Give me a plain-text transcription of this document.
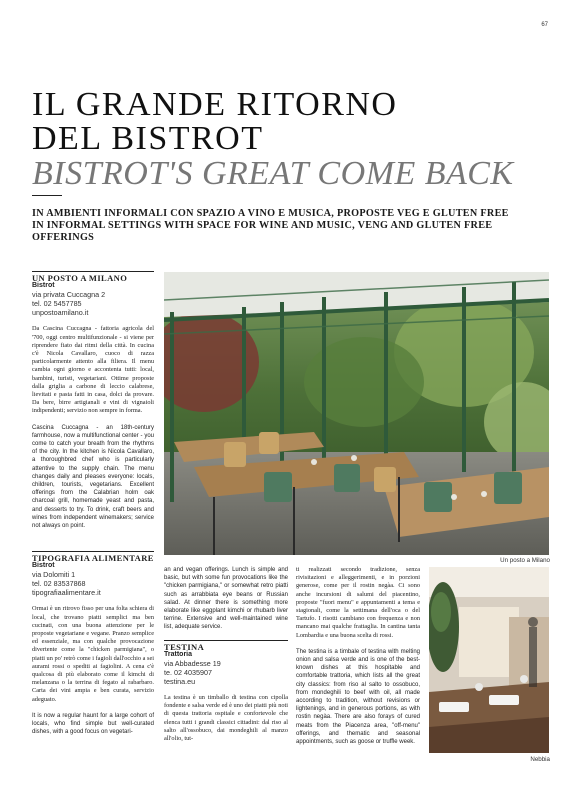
67
IL GRANDE RITORNO
DEL BISTROT
BISTROT'S GREAT COME BACK
IN AMBIENTI INFORMALI CON SPAZIO A VINO E MUSICA, PROPOSTE VEG E GLUTEN FREE
IN INFORMAL SETTINGS WITH SPACE FOR WINE AND MUSIC, VENG AND GLUTEN FREE OFFERINGS
UN POSTO A MILANO
Bistrot
via privata Cuccagna 2
tel. 02 5457785
unpostoamilano.it

Da Cascina Cuccagna - fattoria agricola del '700, oggi centro multifunzionale - si viene per riprendere fiato dai ritmi della città. In cucina c'è Nicola Cavallaro, cuoco di razza particolarmente attento alla filiera. Il menu cambia ogni giorno e accontenta tutti: local, bambini, turisti, vegetariani. Ottime proposte dalla griglia a carbone di leccio calabrese, lievitati e pasta fatti in casa, dolci da provare. Da bere, birre artigianali e vini di vignaioli indipendenti; servizio non sempre in forma.

Cascina Cuccagna - an 18th-century farmhouse, now a multifunctional center - you come to catch your breath from the rhythms of the city. In the kitchen is Nicola Cavallaro, a thoroughbred chef who is particularly attentive to the supply chain. The menu changes daily and pleases everyone: locals, children, tourists, vegetarians. Excellent offerings from the Calabrian holm oak charcoal grill, homemade yeast and pasta, and desserts to try. To drink, craft beers and wines from independent winemakers; service not always on point.

TIPOGRAFIA ALIMENTARE
Bistrot
via Dolomiti 1
tel. 02 83537868
tipografiaalimentare.it

Ormai è un ritrovo fisso per una folta schiera di local, che trovano piatti semplici ma ben cucinati, con una buona attenzione per le proposte vegetariane e vegane. Pranzo semplice ed essenziale, ma con qualche provocazione divertente come la "chicken parmigiana", o piatti un po' retrò come i fagioli dall'occhio a sei aurami rossi o spediti ai fagiolini. A cena c'è qualcosa di più elaborato come il kimchi di melanzana o la terrina di fegato al rabarbaro. Carta dei vini ampia e ben curata, servizio adeguato.

It is now a regular haunt for a large cohort of locals, who find simple but well-curated dishes, with a good focus on vegetari-

an and vegan offerings. Lunch is simple and basic, but with some fun provocations like the "chicken parmigiana," or somewhat retro piatti such as arrabbiata eye beans or Russian salad. At dinner there is something more elaborate like eggplant kimchi or rhubarb liver terrine. Extensive and well-maintained wine list, adequate service.

TESTINA
Trattoria
via Abbadesse 19
te. 02 4035907
testina.eu

La testina è un timballo di testina con cipolla fondente e salsa verde ed è uno dei piatti più noti di questa trattoria ospitale e confortevole che elenca tutti i grandi classici cittadini: dal riso al salto all'ossobuco, dai mondeghili al manzo all'olio, tut-

ti realizzati secondo tradizione, senza rivisitazioni e alleggerimenti, e in porzioni generose, come per il rostin negàa. Ci sono anche incursioni di salumi del piacentino, proposte "fuori menu" e appuntamenti a tema e stagionali, come la settimana dell'oca o del Tartufo. I risotti cambiano con frequenza e non mancano mai qualche frattaglia. In cantina tanta Lombardia e una buona scelta di rossi.

The testina is a timbale of testina with melting onion and salsa verde and is one of the best-known dishes at this hospitable and comfortable trattoria, which lists all the great city classics: from riso al salto to ossobuco, from mondeghili to beef with oil, all made according to tradition, without revisions or lightenings, and in generous portions, as with rostin negàa. There are also forays of cured meats from the Piacenza area, "off-menu" offerings, and thematic and seasonal appointments, such as goose or truffle week.

Un posto a Milano
Nebbia
